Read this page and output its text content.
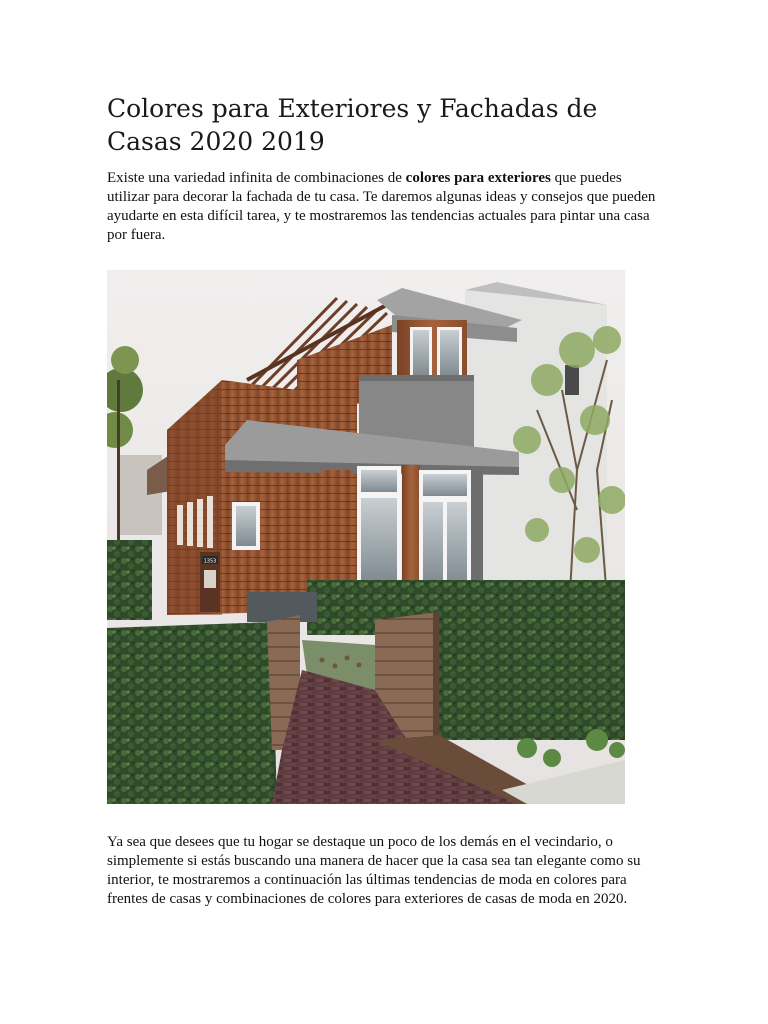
Colores para Exteriores y Fachadas de Casas 2020 2019

Existe una variedad infinita de combinaciones de colores para exteriores que puedes utilizar para decorar la fachada de tu casa. Te daremos algunas ideas y consejos que pueden ayudarte en esta difícil tarea, y te mostraremos las tendencias actuales para pintar una casa por fuera.

1353

Ya sea que desees que tu hogar se destaque un poco de los demás en el vecindario, o simplemente si estás buscando una manera de hacer que la casa sea tan elegante como su interior, te mostraremos a continuación las últimas tendencias de moda en colores para frentes de casas y combinaciones de colores para exteriores de casas de moda en 2020.
